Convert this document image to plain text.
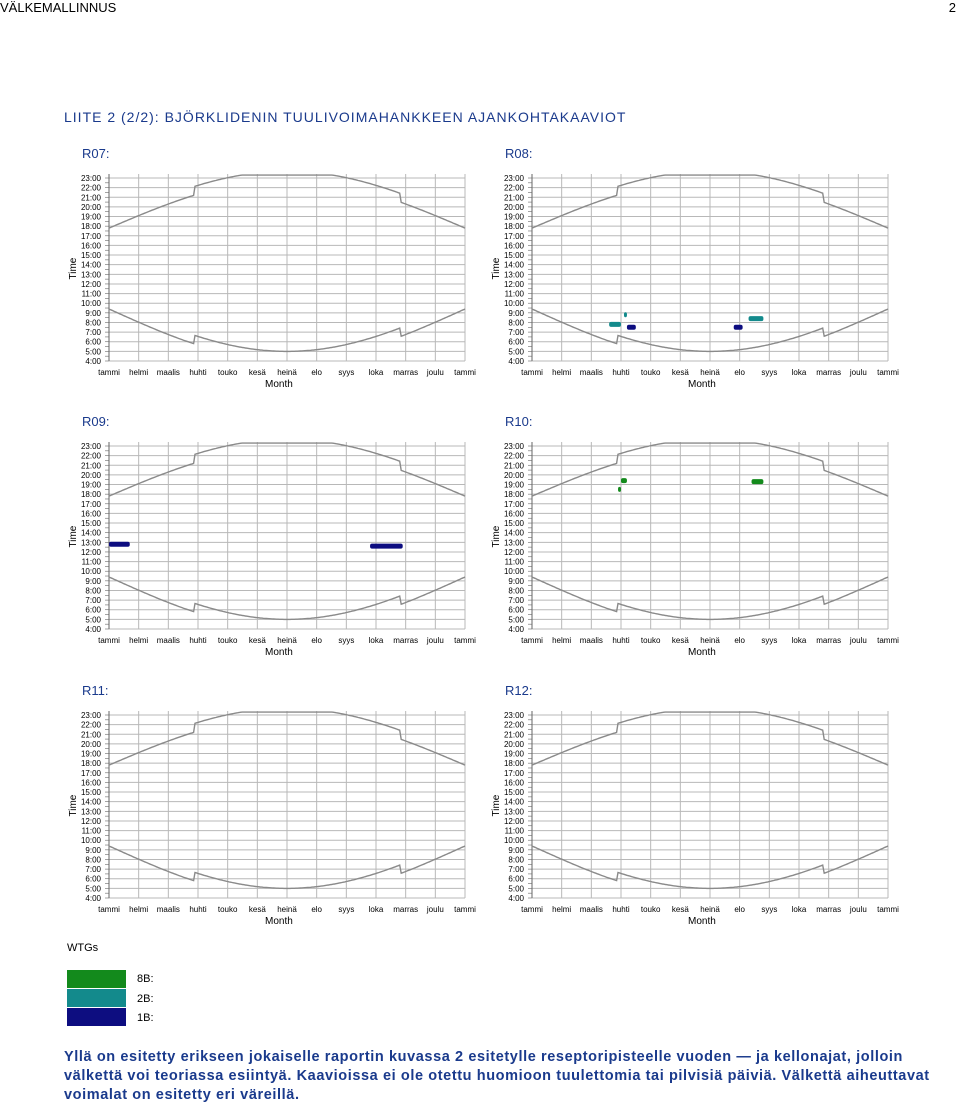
VÄLKEMALLINNUS	2
LIITE 2 (2/2): BJÖRKLIDENIN TUULIVOIMAHANKKEEN AJANKOHTAKAAVIOT
R07:
23:00
22:00
21:00
20:00
19:00
18:00
17:00
16:00
15:00
14:00
13:00
12:00
11:00
10:00
9:00
8:00
7:00
6:00
5:00
4:00
tammi helmi maalis huhti touko kesä heinä elo syys loka marras joulu tammi
Month
Time
R08:
23:00
22:00
21:00
20:00
19:00
18:00
17:00
16:00
15:00
14:00
13:00
12:00
11:00
10:00
9:00
8:00
7:00
6:00
5:00
4:00
tammi helmi maalis huhti touko kesä heinä elo syys loka marras joulu tammi
Month
Time
R09:
23:00
22:00
21:00
20:00
19:00
18:00
17:00
16:00
15:00
14:00
13:00
12:00
11:00
10:00
9:00
8:00
7:00
6:00
5:00
4:00
tammi helmi maalis huhti touko kesä heinä elo syys loka marras joulu tammi
Month
Time
R10:
23:00
22:00
21:00
20:00
19:00
18:00
17:00
16:00
15:00
14:00
13:00
12:00
11:00
10:00
9:00
8:00
7:00
6:00
5:00
4:00
tammi helmi maalis huhti touko kesä heinä elo syys loka marras joulu tammi
Month
Time
R11:
23:00
22:00
21:00
20:00
19:00
18:00
17:00
16:00
15:00
14:00
13:00
12:00
11:00
10:00
9:00
8:00
7:00
6:00
5:00
4:00
tammi helmi maalis huhti touko kesä heinä elo syys loka marras joulu tammi
Month
Time
R12:
23:00
22:00
21:00
20:00
19:00
18:00
17:00
16:00
15:00
14:00
13:00
12:00
11:00
10:00
9:00
8:00
7:00
6:00
5:00
4:00
tammi helmi maalis huhti touko kesä heinä elo syys loka marras joulu tammi
Month
Time
WTGs
8B:
2B:
1B:
Yllä on esitetty erikseen jokaiselle raportin kuvassa 2 esitetylle reseptoripisteelle vuoden — ja kellonajat, jolloin välkettä voi teoriassa esiintyä. Kaavioissa ei ole otettu huomioon tuulettomia tai pilvisiä päiviä. Välkettä aiheuttavat voimalat on esitetty eri väreillä.
